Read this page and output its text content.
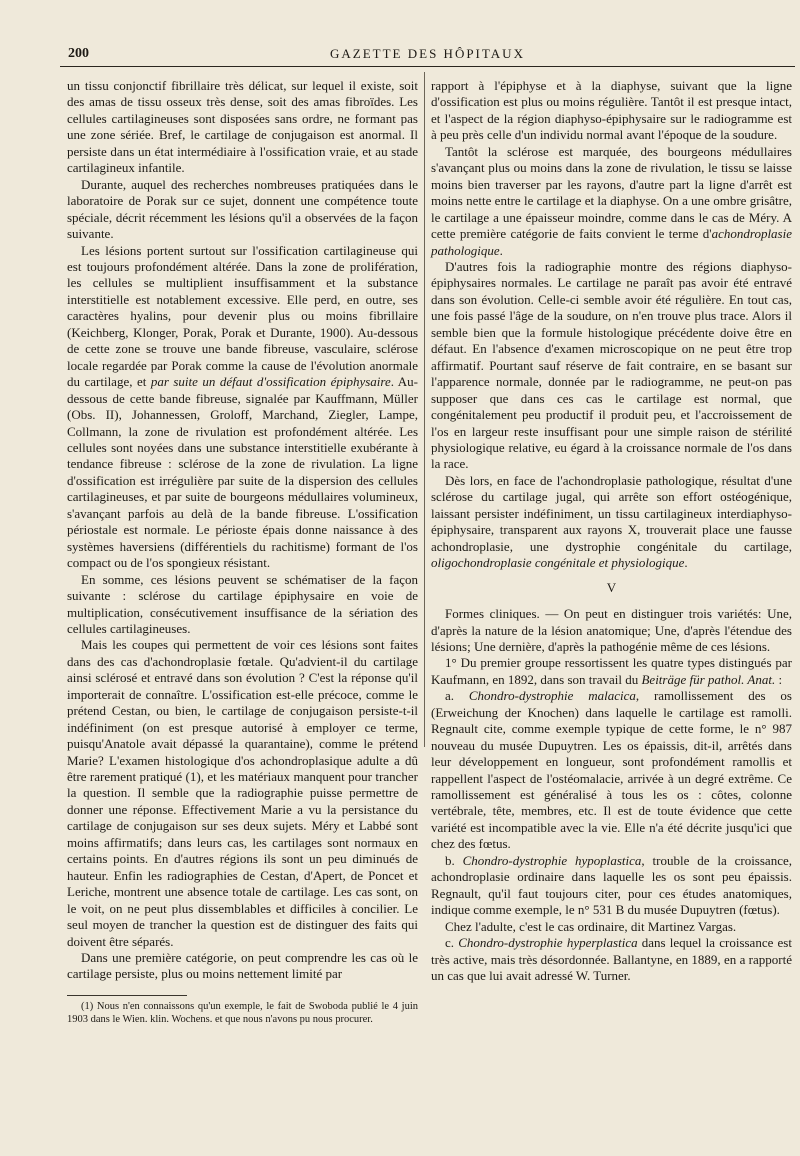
200	GAZETTE DES HÔPITAUX

un tissu conjonctif fibrillaire très délicat, sur lequel il existe, soit des amas de tissu osseux très dense, soit des amas fibroïdes. Les cellules cartilagineuses sont disposées sans ordre, ne formant pas une zone sériée. Bref, le cartilage de conjugaison est anormal. Il persiste dans un état intermédiaire à l'ossification vraie, et au stade cartilagineux infantile.

Durante, auquel des recherches nombreuses pratiquées dans le laboratoire de Porak sur ce sujet, donnent une compétence toute spéciale, décrit récemment les lésions qu'il a observées de la façon suivante.

Les lésions portent surtout sur l'ossification cartilagineuse qui est toujours profondément altérée. Dans la zone de prolifération, les cellules se multiplient insuffisamment et la substance interstitielle est notablement excessive. Elle perd, en outre, ses caractères hyalins, pour devenir plus ou moins fibrillaire (Keichberg, Klonger, Porak, Porak et Durante, 1900). Au-dessous de cette zone se trouve une bande fibreuse, vasculaire, sclérose locale regardée par Porak comme la cause de l'évolution anormale du cartilage, et par suite un défaut d'ossification épiphysaire. Au-dessous de cette bande fibreuse, signalée par Kauffmann, Müller (Obs. II), Johannessen, Groloff, Marchand, Ziegler, Lampe, Collmann, la zone de rivulation est profondément altérée. Les cellules sont noyées dans une substance interstitielle exubérante à tendance fibreuse : sclérose de la zone de rivulation. La ligne d'ossification est irrégulière par suite de la dispersion des cellules cartilagineuses, et par suite de bourgeons médullaires volumineux, s'avançant parfois au delà de la bande fibreuse. L'ossification périostale est normale. Le périoste épais donne naissance à des systèmes haversiens (différentiels du rachitisme) formant de l'os compact ou de l'os spongieux résistant.

En somme, ces lésions peuvent se schématiser de la façon suivante : sclérose du cartilage épiphysaire en voie de multiplication, consécutivement insuffisance de la sériation des cellules cartilagineuses.

Mais les coupes qui permettent de voir ces lésions sont faites dans des cas d'achondroplasie fœtale. Qu'advient-il du cartilage ainsi sclérosé et entravé dans son évolution ? C'est la réponse qu'il importerait de connaître. L'ossification est-elle précoce, comme le prétend Cestan, ou bien, le cartilage de conjugaison persiste-t-il indéfiniment (on est presque autorisé à employer ce terme, puisqu'Anatole avait dépassé la quarantaine), comme le prétend Marie? L'examen histologique d'os achondroplasique adulte a dû être rarement pratiqué (1), et les matériaux manquent pour trancher la question. Il semble que la radiographie puisse permettre de donner une réponse. Effectivement Marie a vu la persistance du cartilage de conjugaison sur ses deux sujets. Méry et Labbé sont moins affirmatifs; dans leurs cas, les cartilages sont normaux en certains points. En d'autres régions ils sont un peu diminués de hauteur. Enfin les radiographies de Cestan, d'Apert, de Poncet et Leriche, montrent une absence totale de cartilage. Les cas sont, on le voit, on ne peut plus dissemblables et difficiles à concilier. Le seul moyen de trancher la question est de distinguer des faits qui doivent être séparés.

Dans une première catégorie, on peut comprendre les cas où le cartilage persiste, plus ou moins nettement limité par

(1) Nous n'en connaissons qu'un exemple, le fait de Swoboda publié le 4 juin 1903 dans le Wien. klin. Wochens. et que nous n'avons pu nous procurer.

rapport à l'épiphyse et à la diaphyse, suivant que la ligne d'ossification est plus ou moins régulière. Tantôt il est presque intact, et l'aspect de la région diaphyso-épiphysaire sur le radiogramme est à peu près celle d'un individu normal avant l'époque de la soudure.

Tantôt la sclérose est marquée, des bourgeons médullaires s'avançant plus ou moins dans la zone de rivulation, le tissu se laisse moins bien traverser par les rayons, d'autre part la ligne d'arrêt est moins nette entre le cartilage et la diaphyse. On a une ombre grisâtre, le cartilage a une épaisseur moindre, comme dans le cas de Méry. A cette première catégorie de faits convient le terme d'achondroplasie pathologique.

D'autres fois la radiographie montre des régions diaphyso-épiphysaires normales. Le cartilage ne paraît pas avoir été entravé dans son évolution. Celle-ci semble avoir été régulière. En tout cas, une fois passé l'âge de la soudure, on n'en trouve plus trace. Alors il semble bien que la formule histologique précédente doive être en défaut. En l'absence d'examen microscopique on ne peut être trop affirmatif. Pourtant sauf réserve de fait contraire, en se basant sur l'apparence normale, donnée par le radiogramme, ne peut-on pas supposer que dans ces cas le cartilage est normal, que congénitalement peu productif il produit peu, et l'accroissement de l'os en largeur reste insuffisant pour une simple raison de stérilité physiologique relative, eu égard à la croissance normale de l'os dans la race.

Dès lors, en face de l'achondroplasie pathologique, résultat d'une sclérose du cartilage jugal, qui arrête son effort ostéogénique, laissant persister indéfiniment, un tissu cartilagineux interdiaphyso-épiphysaire, transparent aux rayons X, trouverait place une fausse achondroplasie, une dystrophie congénitale du cartilage, oligochondroplasie congénitale et physiologique.

V

Formes cliniques. — On peut en distinguer trois variétés: Une, d'après la nature de la lésion anatomique; Une, d'après l'étendue des lésions; Une dernière, d'après la pathogénie même de ces lésions.

1° Du premier groupe ressortissent les quatre types distingués par Kaufmann, en 1892, dans son travail du Beiträge für pathol. Anat. :

a. Chondro-dystrophie malacica, ramollissement des os (Erweichung der Knochen) dans laquelle le cartilage est ramolli. Regnault cite, comme exemple typique de cette forme, le n° 987 nouveau du musée Dupuytren. Les os épaissis, dit-il, arrêtés dans leur développement en longueur, sont profondément ramollis et rappellent l'aspect de l'ostéomalacie, arrivée à un degré extrême. Ce ramollissement est généralisé à tous les os : côtes, colonne vertébrale, tête, membres, etc. Il est de toute évidence que cette variété est incompatible avec la vie. Elle n'a été décrite jusqu'ici que chez des fœtus.

b. Chondro-dystrophie hypoplastica, trouble de la croissance, achondroplasie ordinaire dans laquelle les os sont peu épaissis. Regnault, qu'il faut toujours citer, pour ces études anatomiques, indique comme exemple, le n° 531 B du musée Dupuytren (fœtus).

Chez l'adulte, c'est le cas ordinaire, dit Martinez Vargas.

c. Chondro-dystrophie hyperplastica dans lequel la croissance est très active, mais très désordonnée. Ballantyne, en 1889, en a rapporté un cas que lui avait adressé W. Turner.
